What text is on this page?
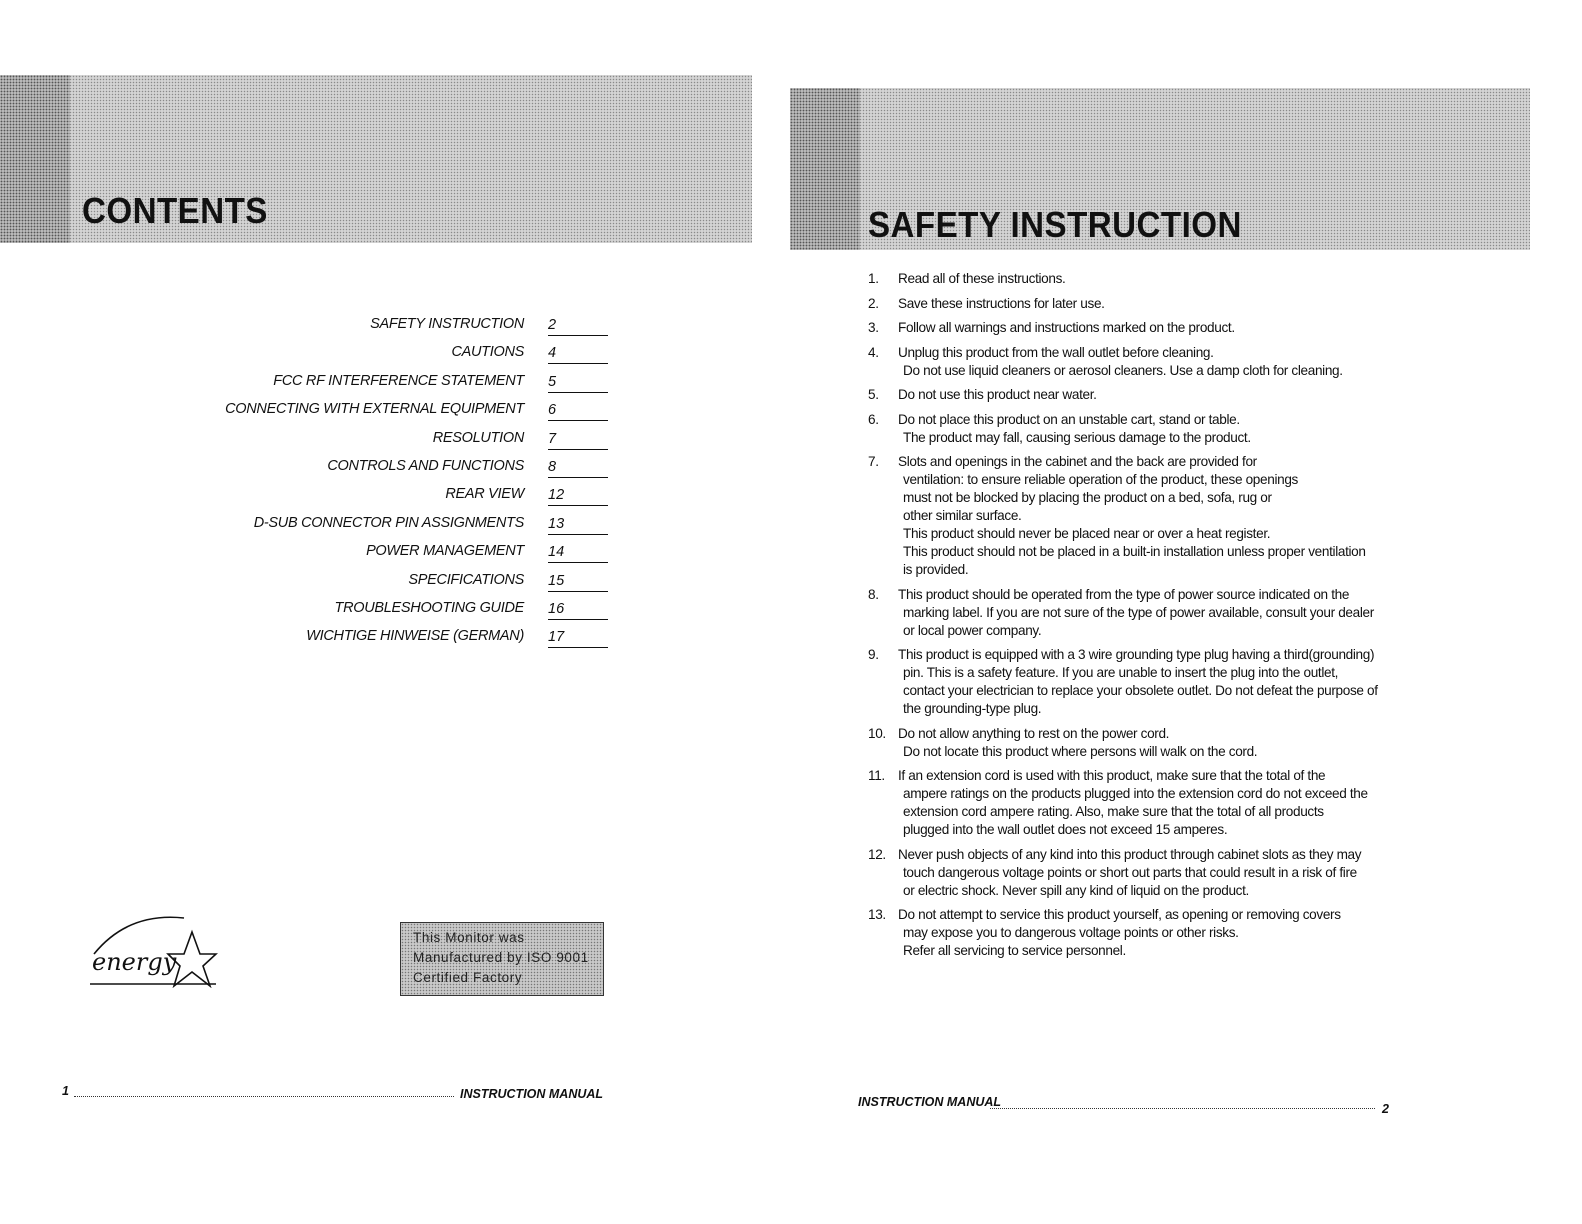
CONTENTS
SAFETY INSTRUCTION 2
CAUTIONS 4
FCC RF INTERFERENCE STATEMENT 5
CONNECTING WITH EXTERNAL EQUIPMENT 6
RESOLUTION 7
CONTROLS AND FUNCTIONS 8
REAR VIEW 12
D-SUB CONNECTOR PIN ASSIGNMENTS 13
POWER MANAGEMENT 14
SPECIFICATIONS 15
TROUBLESHOOTING GUIDE 16
WICHTIGE HINWEISE (GERMAN) 17
energy
This Monitor was
Manufactured by ISO 9001
Certified Factory
1	INSTRUCTION MANUAL
SAFETY INSTRUCTION
1.	Read all of these instructions.
2.	Save these instructions for later use.
3.	Follow all warnings and instructions marked on the product.
4.	Unplug this product from the wall outlet before cleaning.
Do not use liquid cleaners or aerosol cleaners. Use a damp cloth for cleaning.
5.	Do not use this product near water.
6.	Do not place this product on an unstable cart, stand or table.
The product may fall, causing serious damage to the product.
7.	Slots and openings in the cabinet and the back are provided for
ventilation: to ensure reliable operation of the product, these openings
must not be blocked by placing the product on a bed, sofa, rug or
other similar surface.
This product should never be placed near or over a heat register.
This product should not be placed in a built-in installation unless proper ventilation
is provided.
8.	This product should be operated from the type of power source indicated on the
marking label. If you are not sure of the type of power available, consult your dealer
or local power company.
9.	This product is equipped with a 3 wire grounding type plug having a third(grounding)
pin. This is a safety feature. If you are unable to insert the plug into the outlet,
contact your electrician to replace your obsolete outlet. Do not defeat the purpose of
the grounding-type plug.
10. Do not allow anything to rest on the power cord.
Do not locate this product where persons will walk on the cord.
11. If an extension cord is used with this product, make sure that the total of the
ampere ratings on the products plugged into the extension cord do not exceed the
extension cord ampere rating. Also, make sure that the total of all products
plugged into the wall outlet does not exceed 15 amperes.
12. Never push objects of any kind into this product through cabinet slots as they may
touch dangerous voltage points or short out parts that could result in a risk of fire
or electric shock. Never spill any kind of liquid on the product.
13. Do not attempt to service this product yourself, as opening or removing covers
may expose you to dangerous voltage points or other risks.
Refer all servicing to service personnel.
INSTRUCTION MANUAL	2
